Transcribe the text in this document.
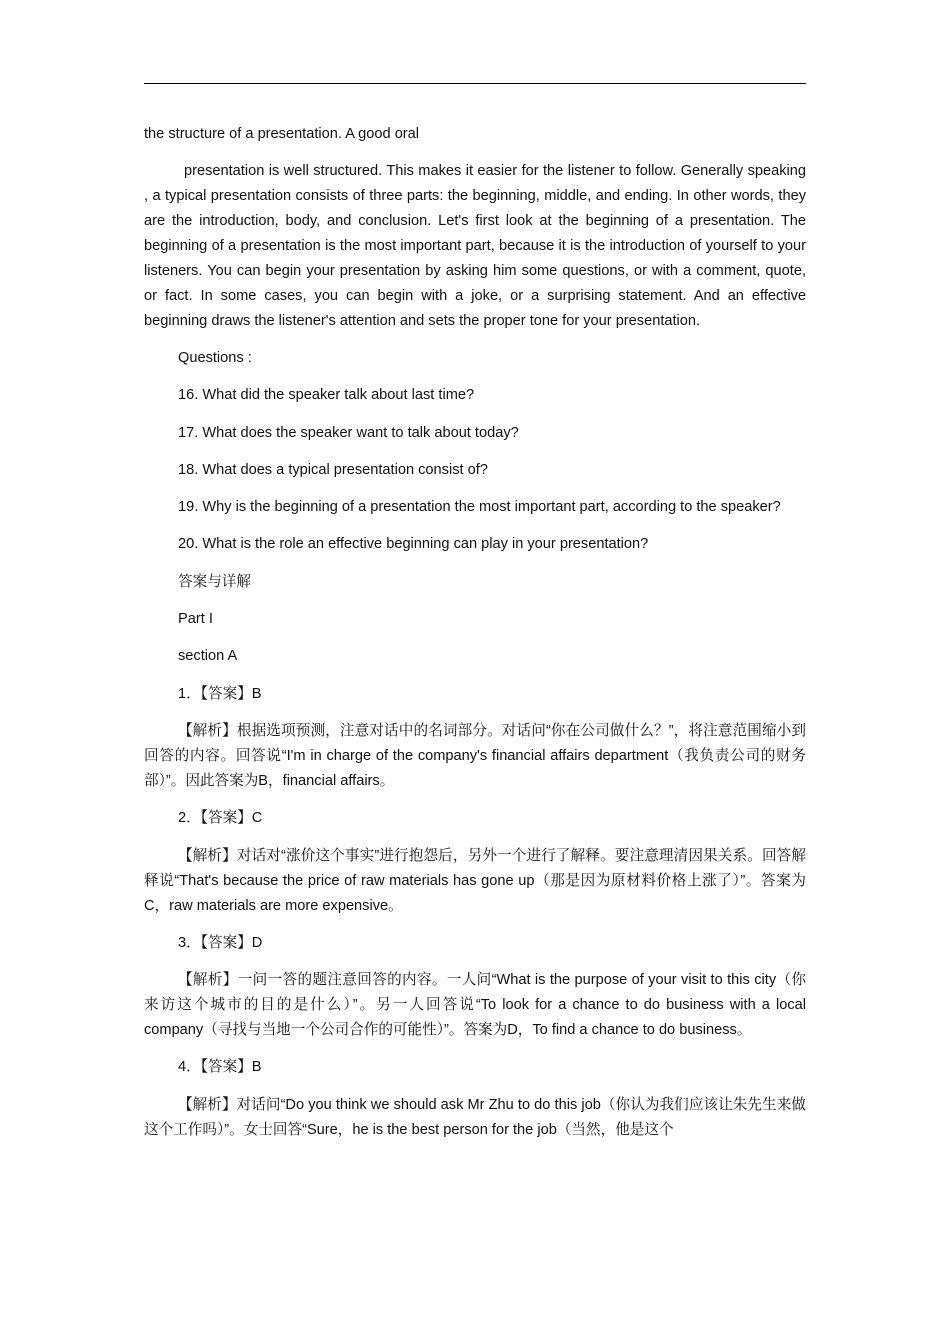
the structure of a presentation. A good oral

presentation is well structured. This makes it easier for the listener to follow. Generally speaking , a typical presentation consists of three parts: the beginning, middle, and ending. In other words, they are the introduction, body, and conclusion. Let's first look at the beginning of a presentation. The beginning of a presentation is the most important part, because it is the introduction of yourself to your listeners. You can begin your presentation by asking him some questions, or with a comment, quote, or fact. In some cases, you can begin with a joke, or a surprising statement. And an effective beginning draws the listener's attention and sets the proper tone for your presentation.

Questions :

16. What did the speaker talk about last time?

17. What does the speaker want to talk about today?

18. What does a typical presentation consist of?

19. Why is the beginning of a presentation the most important part, according to the speaker?

20. What is the role an effective beginning can play in your presentation?

答案与详解

Part I

section A

1．【答案】B

【解析】根据选项预测，注意对话中的名词部分。对话问“你在公司做什么？”，将注意范围缩小到回答的内容。回答说“I'm in charge of the company's financial affairs department（我负责公司的财务部）”。因此答案为B，financial affairs。

2．【答案】C

【解析】对话对“涨价这个事实”进行抱怨后，另外一个进行了解释。要注意理清因果关系。回答解释说“That's because the price of raw materials has gone up（那是因为原材料价格上涨了）”。答案为C，raw materials are more expensive。

3．【答案】D

【解析】一问一答的题注意回答的内容。一人问“What is the purpose of your visit to this city（你来访这个城市的目的是什么）”。另一人回答说“To look for a chance to do business with a local company（寻找与当地一个公司合作的可能性）”。答案为D，To find a chance to do business。

4．【答案】B

【解析】对话问“Do you think we should ask Mr Zhu to do this job（你认为我们应该让朱先生来做这个工作吗）”。女士回答“Sure，he is the best person for the job（当然，他是这个
